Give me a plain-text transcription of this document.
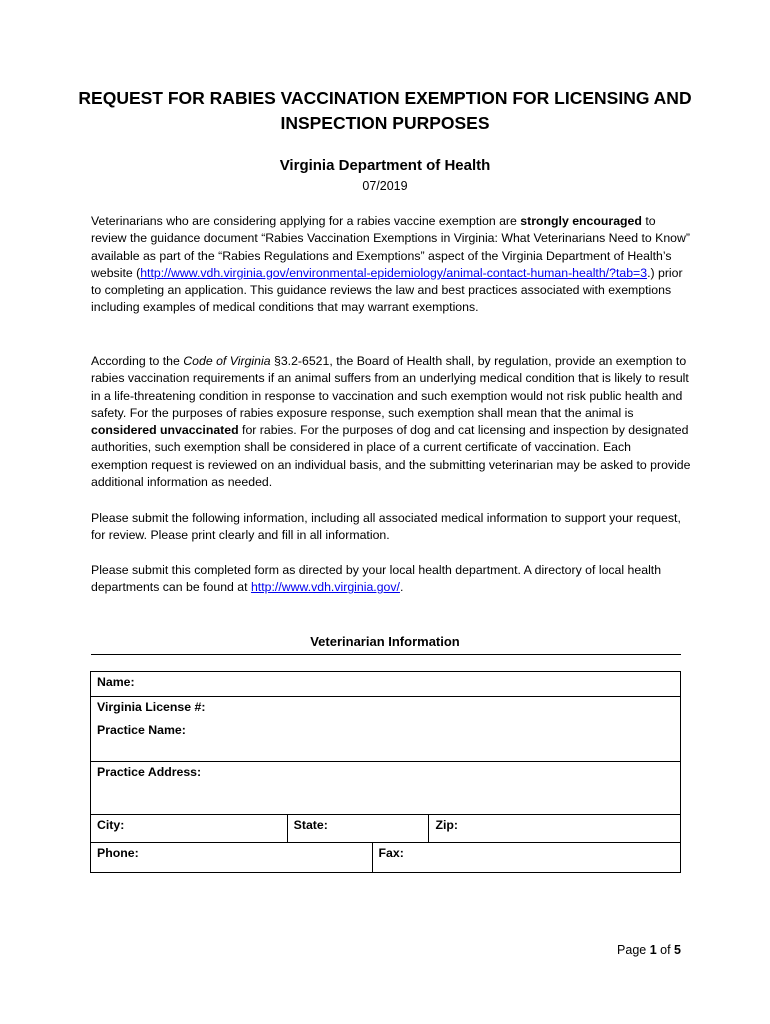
REQUEST FOR RABIES VACCINATION EXEMPTION FOR LICENSING AND
INSPECTION PURPOSES
Virginia Department of Health
07/2019

Veterinarians who are considering applying for a rabies vaccine exemption are strongly encouraged to review the guidance document “Rabies Vaccination Exemptions in Virginia: What Veterinarians Need to Know” available as part of the “Rabies Regulations and Exemptions” aspect of the Virginia Department of Health’s website (http://www.vdh.virginia.gov/environmental-epidemiology/animal-contact-human-health/?tab=3.) prior to completing an application. This guidance reviews the law and best practices associated with exemptions including examples of medical conditions that may warrant exemptions.

According to the Code of Virginia §3.2-6521, the Board of Health shall, by regulation, provide an exemption to rabies vaccination requirements if an animal suffers from an underlying medical condition that is likely to result in a life-threatening condition in response to vaccination and such exemption would not risk public health and safety. For the purposes of rabies exposure response, such exemption shall mean that the animal is considered unvaccinated for rabies. For the purposes of dog and cat licensing and inspection by designated authorities, such exemption shall be considered in place of a current certificate of vaccination. Each exemption request is reviewed on an individual basis, and the submitting veterinarian may be asked to provide additional information as needed.

Please submit the following information, including all associated medical information to support your request, for review. Please print clearly and fill in all information.

Please submit this completed form as directed by your local health department. A directory of local health departments can be found at http://www.vdh.virginia.gov/.

Veterinarian Information
Name:			
Virginia License #:			
Practice Name:			
Practice Address:			
City:	State:		Zip:
Phone:		Fax:	
Page 1 of 5
